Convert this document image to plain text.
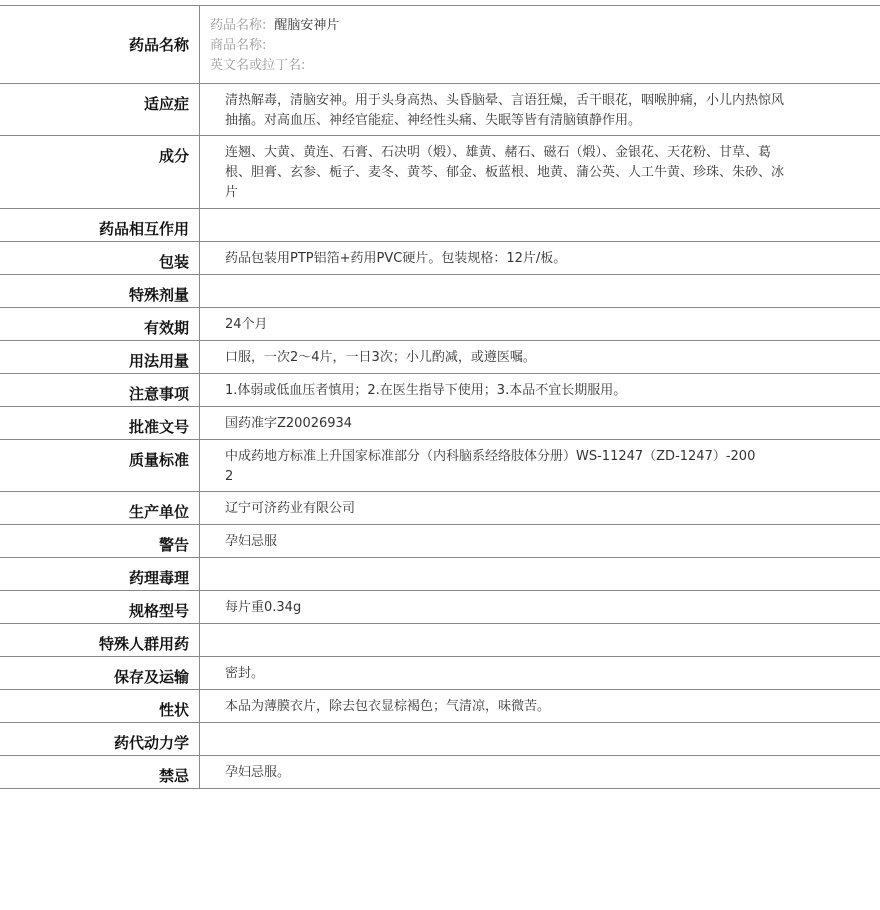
药品名称
药品名称: 醒脑安神片
商品名称:
英文名或拉丁名:
适应症	清热解毒，清脑安神。用于头身高热、头昏脑晕、言语狂燥，舌干眼花，咽喉肿痛，小儿内热惊风抽搐。对高血压、神经官能症、神经性头痛、失眠等皆有清脑镇静作用。
成分	连翘、大黄、黄连、石膏、石决明（煅）、雄黄、赭石、磁石（煅）、金银花、天花粉、甘草、葛根、胆膏、玄参、栀子、麦冬、黄芩、郁金、板蓝根、地黄、蒲公英、人工牛黄、珍珠、朱砂、冰片
药品相互作用
包装	药品包装用PTP铝箔+药用PVC硬片。包装规格：12片/板。
特殊剂量
有效期	24个月
用法用量	口服，一次2～4片，一日3次；小儿酌减，或遵医嘱。
注意事项	1.体弱或低血压者慎用；2.在医生指导下使用；3.本品不宜长期服用。
批准文号	国药准字Z20026934
质量标准	中成药地方标准上升国家标准部分（内科脑系经络肢体分册）WS-11247（ZD-1247）-2002
生产单位	辽宁可济药业有限公司
警告	孕妇忌服
药理毒理
规格型号	每片重0.34g
特殊人群用药
保存及运输	密封。
性状	本品为薄膜衣片，除去包衣显棕褐色；气清凉，味微苦。
药代动力学
禁忌	孕妇忌服。
